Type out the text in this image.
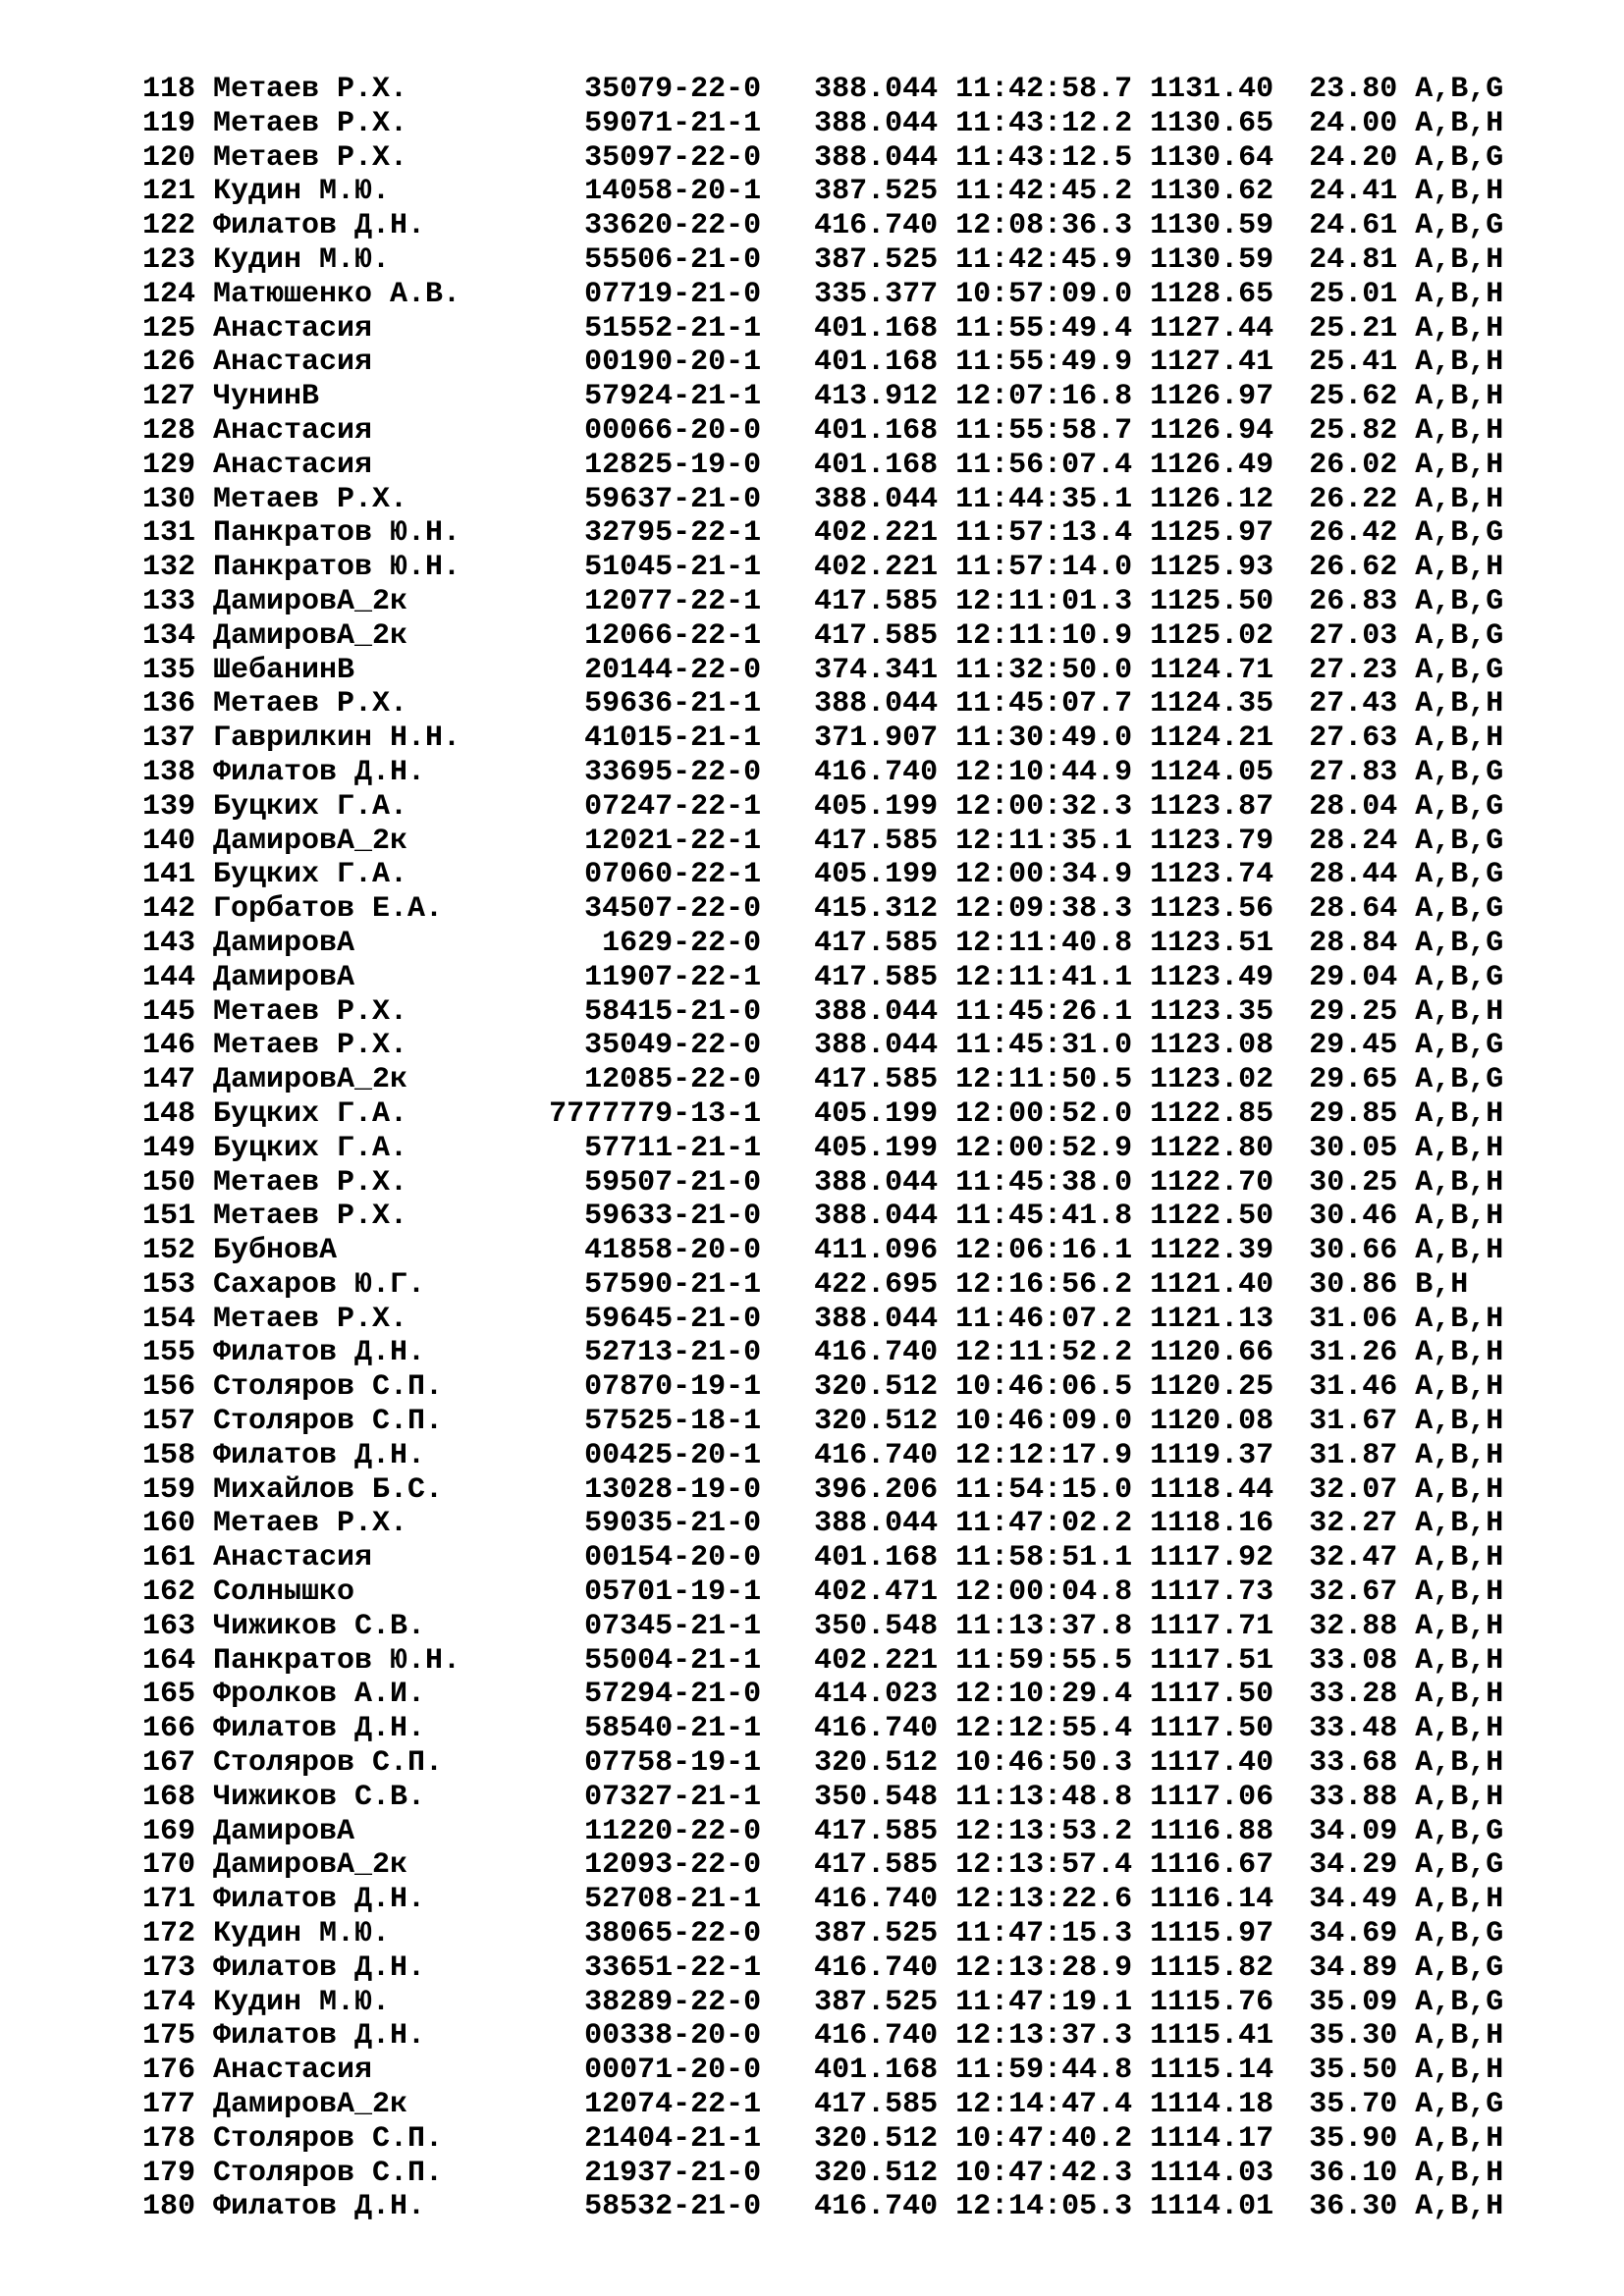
118 Метаев Р.Х.          35079-22-0   388.044 11:42:58.7 1131.40  23.80 A,B,G
119 Метаев Р.Х.          59071-21-1   388.044 11:43:12.2 1130.65  24.00 A,B,H
120 Метаев Р.Х.          35097-22-0   388.044 11:43:12.5 1130.64  24.20 A,B,G
121 Кудин М.Ю.           14058-20-1   387.525 11:42:45.2 1130.62  24.41 A,B,H
122 Филатов Д.Н.         33620-22-0   416.740 12:08:36.3 1130.59  24.61 A,B,G
123 Кудин М.Ю.           55506-21-0   387.525 11:42:45.9 1130.59  24.81 A,B,H
124 Матюшенко А.В.       07719-21-0   335.377 10:57:09.0 1128.65  25.01 A,B,H
125 Анастасия            51552-21-1   401.168 11:55:49.4 1127.44  25.21 A,B,H
126 Анастасия            00190-20-1   401.168 11:55:49.9 1127.41  25.41 A,B,H
127 ЧунинВ               57924-21-1   413.912 12:07:16.8 1126.97  25.62 A,B,H
128 Анастасия            00066-20-0   401.168 11:55:58.7 1126.94  25.82 A,B,H
129 Анастасия            12825-19-0   401.168 11:56:07.4 1126.49  26.02 A,B,H
130 Метаев Р.Х.          59637-21-0   388.044 11:44:35.1 1126.12  26.22 A,B,H
131 Панкратов Ю.Н.       32795-22-1   402.221 11:57:13.4 1125.97  26.42 A,B,G
132 Панкратов Ю.Н.       51045-21-1   402.221 11:57:14.0 1125.93  26.62 A,B,H
133 ДамировА_2к          12077-22-1   417.585 12:11:01.3 1125.50  26.83 A,B,G
134 ДамировА_2к          12066-22-1   417.585 12:11:10.9 1125.02  27.03 A,B,G
135 ШебанинВ             20144-22-0   374.341 11:32:50.0 1124.71  27.23 A,B,G
136 Метаев Р.Х.          59636-21-1   388.044 11:45:07.7 1124.35  27.43 A,B,H
137 Гаврилкин Н.Н.       41015-21-1   371.907 11:30:49.0 1124.21  27.63 A,B,H
138 Филатов Д.Н.         33695-22-0   416.740 12:10:44.9 1124.05  27.83 A,B,G
139 Буцких Г.А.          07247-22-1   405.199 12:00:32.3 1123.87  28.04 A,B,G
140 ДамировА_2к          12021-22-1   417.585 12:11:35.1 1123.79  28.24 A,B,G
141 Буцких Г.А.          07060-22-1   405.199 12:00:34.9 1123.74  28.44 A,B,G
142 Горбатов Е.А.        34507-22-0   415.312 12:09:38.3 1123.56  28.64 A,B,G
143 ДамировА              1629-22-0   417.585 12:11:40.8 1123.51  28.84 A,B,G
144 ДамировА             11907-22-1   417.585 12:11:41.1 1123.49  29.04 A,B,G
145 Метаев Р.Х.          58415-21-0   388.044 11:45:26.1 1123.35  29.25 A,B,H
146 Метаев Р.Х.          35049-22-0   388.044 11:45:31.0 1123.08  29.45 A,B,G
147 ДамировА_2к          12085-22-0   417.585 12:11:50.5 1123.02  29.65 A,B,G
148 Буцких Г.А.        7777779-13-1   405.199 12:00:52.0 1122.85  29.85 A,B,H
149 Буцких Г.А.          57711-21-1   405.199 12:00:52.9 1122.80  30.05 A,B,H
150 Метаев Р.Х.          59507-21-0   388.044 11:45:38.0 1122.70  30.25 A,B,H
151 Метаев Р.Х.          59633-21-0   388.044 11:45:41.8 1122.50  30.46 A,B,H
152 БубновА              41858-20-0   411.096 12:06:16.1 1122.39  30.66 A,B,H
153 Сахаров Ю.Г.         57590-21-1   422.695 12:16:56.2 1121.40  30.86 B,H
154 Метаев Р.Х.          59645-21-0   388.044 11:46:07.2 1121.13  31.06 A,B,H
155 Филатов Д.Н.         52713-21-0   416.740 12:11:52.2 1120.66  31.26 A,B,H
156 Столяров С.П.        07870-19-1   320.512 10:46:06.5 1120.25  31.46 A,B,H
157 Столяров С.П.        57525-18-1   320.512 10:46:09.0 1120.08  31.67 A,B,H
158 Филатов Д.Н.         00425-20-1   416.740 12:12:17.9 1119.37  31.87 A,B,H
159 Михайлов Б.С.        13028-19-0   396.206 11:54:15.0 1118.44  32.07 A,B,H
160 Метаев Р.Х.          59035-21-0   388.044 11:47:02.2 1118.16  32.27 A,B,H
161 Анастасия            00154-20-0   401.168 11:58:51.1 1117.92  32.47 A,B,H
162 Солнышко             05701-19-1   402.471 12:00:04.8 1117.73  32.67 A,B,H
163 Чижиков С.В.         07345-21-1   350.548 11:13:37.8 1117.71  32.88 A,B,H
164 Панкратов Ю.Н.       55004-21-1   402.221 11:59:55.5 1117.51  33.08 A,B,H
165 Фролков А.И.         57294-21-0   414.023 12:10:29.4 1117.50  33.28 A,B,H
166 Филатов Д.Н.         58540-21-1   416.740 12:12:55.4 1117.50  33.48 A,B,H
167 Столяров С.П.        07758-19-1   320.512 10:46:50.3 1117.40  33.68 A,B,H
168 Чижиков С.В.         07327-21-1   350.548 11:13:48.8 1117.06  33.88 A,B,H
169 ДамировА             11220-22-0   417.585 12:13:53.2 1116.88  34.09 A,B,G
170 ДамировА_2к          12093-22-0   417.585 12:13:57.4 1116.67  34.29 A,B,G
171 Филатов Д.Н.         52708-21-1   416.740 12:13:22.6 1116.14  34.49 A,B,H
172 Кудин М.Ю.           38065-22-0   387.525 11:47:15.3 1115.97  34.69 A,B,G
173 Филатов Д.Н.         33651-22-1   416.740 12:13:28.9 1115.82  34.89 A,B,G
174 Кудин М.Ю.           38289-22-0   387.525 11:47:19.1 1115.76  35.09 A,B,G
175 Филатов Д.Н.         00338-20-0   416.740 12:13:37.3 1115.41  35.30 A,B,H
176 Анастасия            00071-20-0   401.168 11:59:44.8 1115.14  35.50 A,B,H
177 ДамировА_2к          12074-22-1   417.585 12:14:47.4 1114.18  35.70 A,B,G
178 Столяров С.П.        21404-21-1   320.512 10:47:40.2 1114.17  35.90 A,B,H
179 Столяров С.П.        21937-21-0   320.512 10:47:42.3 1114.03  36.10 A,B,H
180 Филатов Д.Н.         58532-21-0   416.740 12:14:05.3 1114.01  36.30 A,B,H
